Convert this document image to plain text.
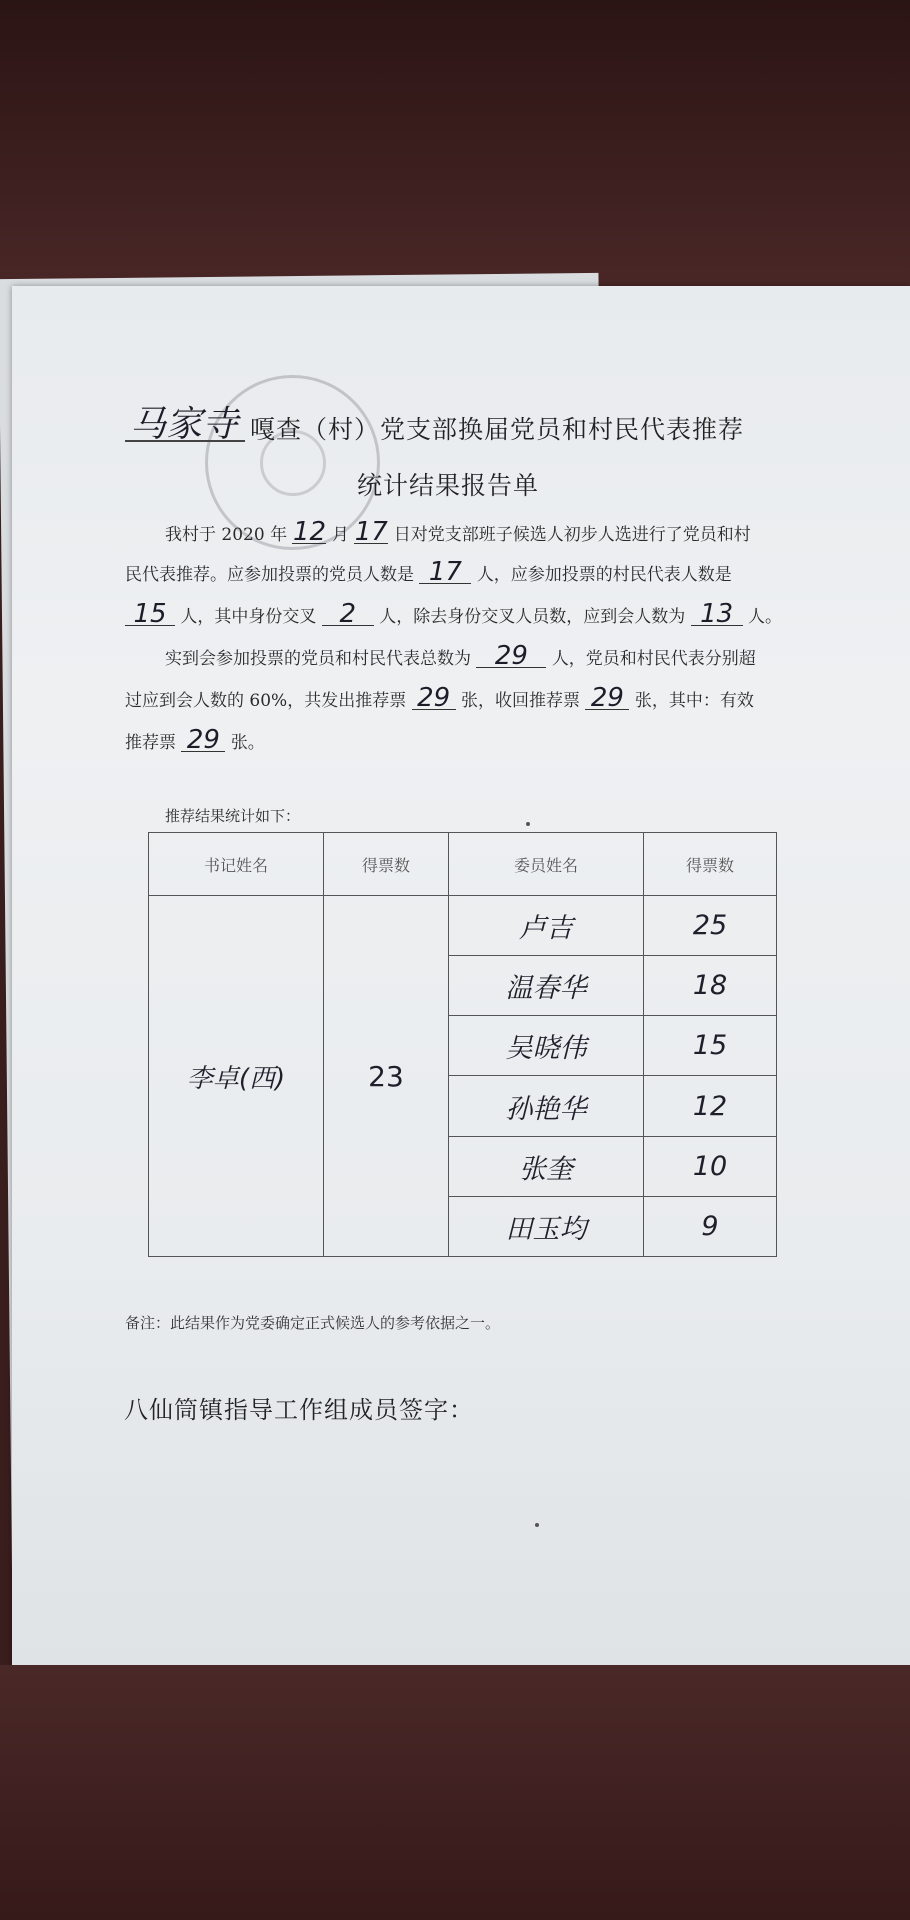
马家寺 嘎查（村）党支部换届党员和村民代表推荐
统计结果报告单
我村于 2020 年 12 月 17 日对党支部班子候选人初步人选进行了党员和村
民代表推荐。应参加投票的党员人数是 17 人，应参加投票的村民代表人数是
15 人，其中身份交叉 2 人，除去身份交叉人员数，应到会人数为 13 人。
实到会参加投票的党员和村民代表总数为 29 人，党员和村民代表分别超
过应到会人数的 60%，共发出推荐票 29 张，收回推荐票 29 张，其中：有效
推荐票 29 张。
推荐结果统计如下：
书记姓名	得票数	委员姓名	得票数
李卓(西)	23	卢吉	25
		温春华	18
		吴晓伟	15
		孙艳华	12
		张奎	10
		田玉均	9
备注：此结果作为党委确定正式候选人的参考依据之一。
八仙筒镇指导工作组成员签字：
